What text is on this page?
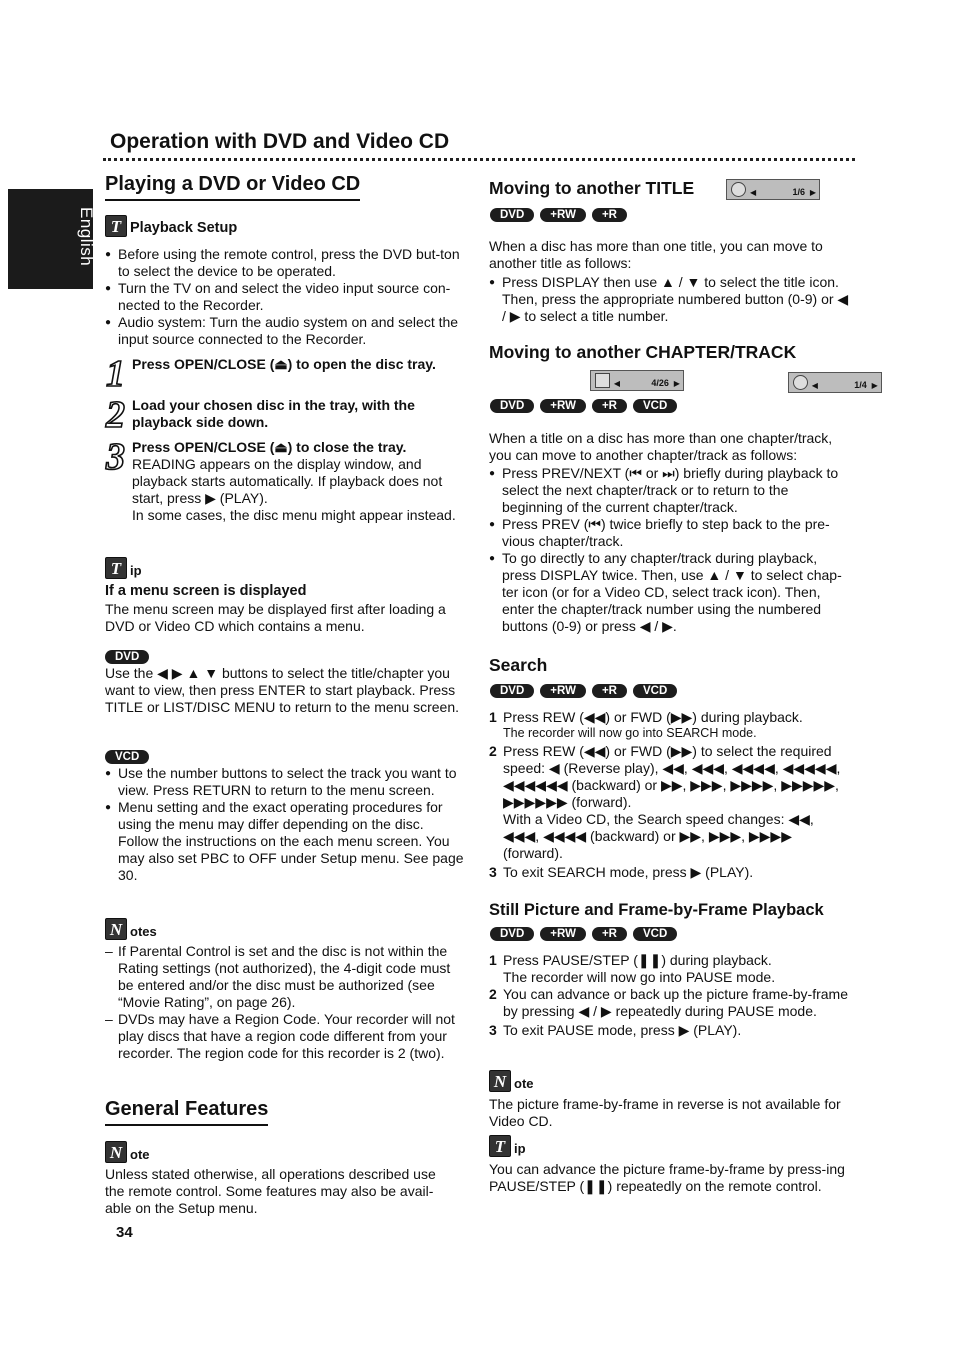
English
Operation with DVD and Video CD
Playing a DVD or Video CD
T Playback Setup
● Before using the remote control, press the DVD but-ton to select the device to be operated.
● Turn the TV on and select the video input source con-nected to the Recorder.
● Audio system: Turn the audio system on and select the input source connected to the Recorder.
1 Press OPEN/CLOSE (⏏) to open the disc tray.
2 Load your chosen disc in the tray, with the playback side down.
3 Press OPEN/CLOSE (⏏) to close the tray.
READING appears on the display window, and playback starts automatically. If playback does not start, press ▶ (PLAY).
In some cases, the disc menu might appear instead.
T ip
If a menu screen is displayed
The menu screen may be displayed first after loading a DVD or Video CD which contains a menu.
DVD
Use the ◀ ▶ ▲ ▼ buttons to select the title/chapter you want to view, then press ENTER to start playback. Press TITLE or LIST/DISC MENU to return to the menu screen.
VCD
● Use the number buttons to select the track you want to view. Press RETURN to return to the menu screen.
● Menu setting and the exact operating procedures for using the menu may differ depending on the disc. Follow the instructions on the each menu screen. You may also set PBC to OFF under Setup menu. See page 30.
N otes
– If Parental Control is set and the disc is not within the Rating settings (not authorized), the 4-digit code must be entered and/or the disc must be authorized (see “Movie Rating”, on page 26).
– DVDs may have a Region Code. Your recorder will not play discs that have a region code different from your recorder. The region code for this recorder is 2 (two).
General Features
N ote
Unless stated otherwise, all operations described use the remote control. Some features may also be avail-able on the Setup menu.
34
Moving to another TITLE	◀	1/6 ▶

DVD	+RW	+R
When a disc has more than one title, you can move to another title as follows:
● Press DISPLAY then use ▲ / ▼ to select the title icon. Then, press the appropriate numbered button (0-9) or ◀ / ▶ to select a title number.
Moving to another CHAPTER/TRACK
◀	4/26 ▶
	◀	1/4 ▶
DVD	+RW	+R	VCD
When a title on a disc has more than one chapter/track, you can move to another chapter/track as follows:
● Press PREV/NEXT (⏮ or ⏭) briefly during playback to select the next chapter/track or to return to the beginning of the current chapter/track.
● Press PREV (⏮) twice briefly to step back to the pre-vious chapter/track.
● To go directly to any chapter/track during playback, press DISPLAY twice. Then, use ▲ / ▼ to select chap-ter icon (or for a Video CD, select track icon). Then, enter the chapter/track number using the numbered buttons (0-9) or press ◀ / ▶.
Search
DVD	+RW	+R	VCD
1 Press REW (◀◀) or FWD (▶▶) during playback.
The recorder will now go into SEARCH mode.
2 Press REW (◀◀) or FWD (▶▶) to select the required speed: ◀ (Reverse play), ◀◀, ◀◀◀, ◀◀◀◀, ◀◀◀◀◀, ◀◀◀◀◀◀ (backward) or ▶▶, ▶▶▶, ▶▶▶▶, ▶▶▶▶▶, ▶▶▶▶▶▶ (forward).
With a Video CD, the Search speed changes: ◀◀, ◀◀◀, ◀◀◀◀ (backward) or ▶▶, ▶▶▶, ▶▶▶▶ (forward).
3 To exit SEARCH mode, press ▶ (PLAY).
Still Picture and Frame-by-Frame Playback
DVD	+RW	+R	VCD
1 Press PAUSE/STEP (❚❚) during playback.
The recorder will now go into PAUSE mode.
2 You can advance or back up the picture frame-by-frame by pressing ◀ / ▶ repeatedly during PAUSE mode.
3 To exit PAUSE mode, press ▶ (PLAY).
N ote
The picture frame-by-frame in reverse is not available for Video CD.
T ip
You can advance the picture frame-by-frame by press-ing PAUSE/STEP (❚❚) repeatedly on the remote control.
